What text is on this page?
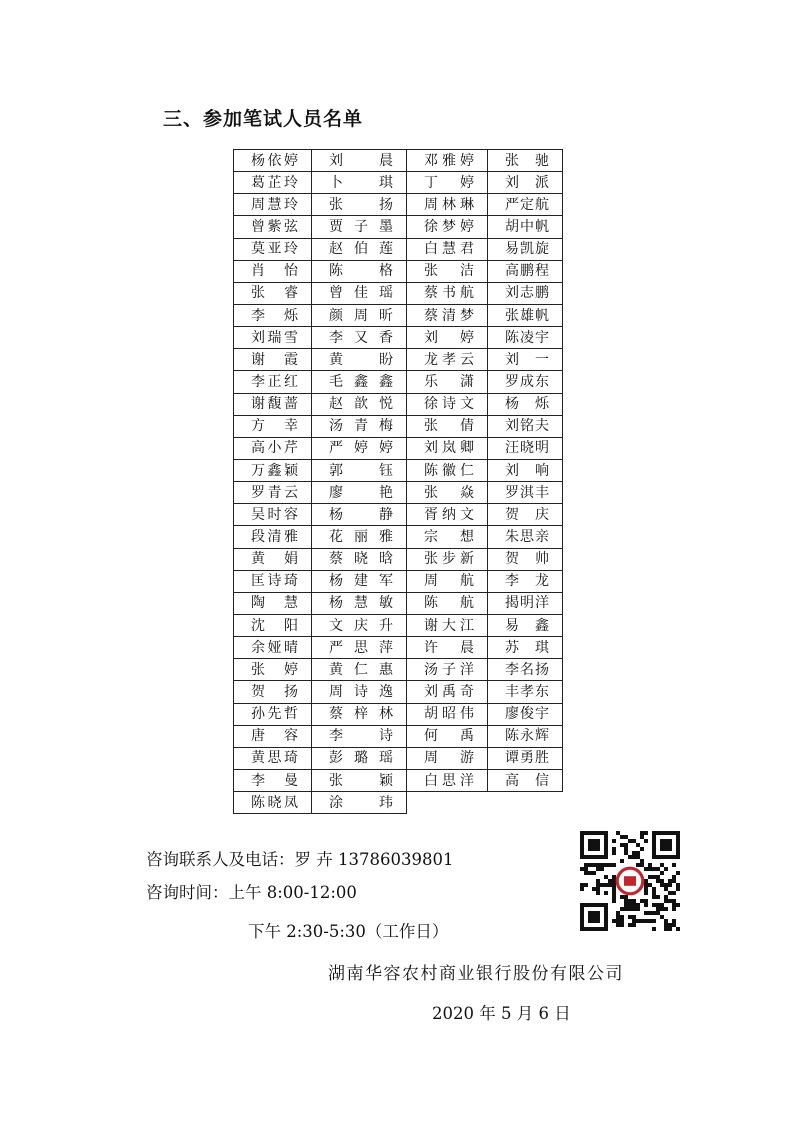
三、参加笔试人员名单
杨依婷	刘晨	邓雅婷	张驰

葛芷玲	卜琪	丁婷	刘派

周慧玲	张扬	周林琳	严定航

曾紫弦	贾子墨	徐梦婷	胡中帆

莫亚玲	赵伯莲	白慧君	易凯旋

肖怡	陈格	张洁	高鹏程

张睿	曾佳瑶	蔡书航	刘志鹏

李烁	颜周昕	蔡清梦	张雄帆

刘瑞雪	李又香	刘婷	陈凌宇

谢霞	黄盼	龙孝云	刘一

李正红	毛鑫鑫	乐潇	罗成东

谢馥蔷	赵歆悦	徐诗文	杨烁

方幸	汤青梅	张倩	刘铭夫

高小芹	严婷婷	刘岚卿	汪晓明

万鑫颖	郭钰	陈徽仁	刘响

罗青云	廖艳	张焱	罗淇丰

吴时容	杨静	胥纳文	贺庆

段清雅	花丽雅	宗想	朱思亲

黄娟	蔡晓晗	张步新	贺帅

匡诗琦	杨建军	周航	李龙

陶慧	杨慧敏	陈航	揭明洋

沈阳	文庆升	谢大江	易鑫

余娅晴	严思萍	许晨	苏琪

张婷	黄仁惠	汤子洋	李名扬

贺扬	周诗逸	刘禹奇	丰孝东

孙先哲	蔡梓林	胡昭伟	廖俊宇

唐容	李诗	何禹	陈永辉

黄思琦	彭璐瑶	周游	谭勇胜

李曼	张颖	白思洋	高信

陈晓凤	涂玮		

咨询联系人及电话：罗 卉 13786039801
咨询时间：上午 8:00-12:00
下午 2:30-5:30（工作日）
湖南华容农村商业银行股份有限公司
2020 年 5 月 6 日
